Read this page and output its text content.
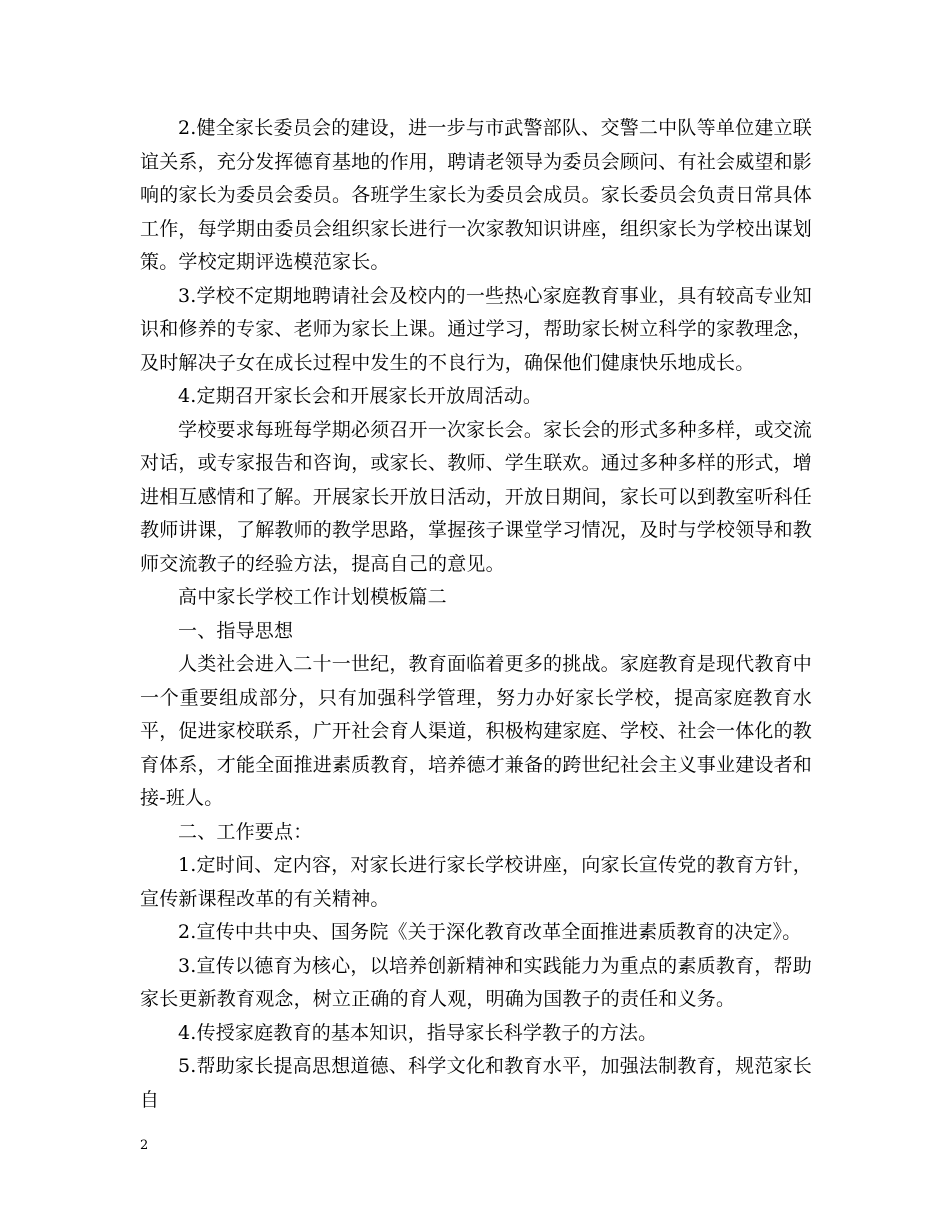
2.健全家长委员会的建设，进一步与市武警部队、交警二中队等单位建立联谊关系，充分发挥德育基地的作用，聘请老领导为委员会顾问、有社会威望和影响的家长为委员会委员。各班学生家长为委员会成员。家长委员会负责日常具体工作，每学期由委员会组织家长进行一次家教知识讲座，组织家长为学校出谋划策。学校定期评选模范家长。

3.学校不定期地聘请社会及校内的一些热心家庭教育事业，具有较高专业知识和修养的专家、老师为家长上课。通过学习，帮助家长树立科学的家教理念，及时解决子女在成长过程中发生的不良行为，确保他们健康快乐地成长。

4.定期召开家长会和开展家长开放周活动。

学校要求每班每学期必须召开一次家长会。家长会的形式多种多样，或交流对话，或专家报告和咨询，或家长、教师、学生联欢。通过多种多样的形式，增进相互感情和了解。开展家长开放日活动，开放日期间，家长可以到教室听科任教师讲课，了解教师的教学思路，掌握孩子课堂学习情况，及时与学校领导和教师交流教子的经验方法，提高自己的意见。

高中家长学校工作计划模板篇二

一、指导思想

人类社会进入二十一世纪，教育面临着更多的挑战。家庭教育是现代教育中一个重要组成部分，只有加强科学管理，努力办好家长学校，提高家庭教育水平，促进家校联系，广开社会育人渠道，积极构建家庭、学校、社会一体化的教育体系，才能全面推进素质教育，培养德才兼备的跨世纪社会主义事业建设者和接-班人。

二、工作要点：

1.定时间、定内容，对家长进行家长学校讲座，向家长宣传党的教育方针，宣传新课程改革的有关精神。

2.宣传中共中央、国务院《关于深化教育改革全面推进素质教育的决定》。

3.宣传以德育为核心，以培养创新精神和实践能力为重点的素质教育，帮助家长更新教育观念，树立正确的育人观，明确为国教子的责任和义务。

4.传授家庭教育的基本知识，指导家长科学教子的方法。

5.帮助家长提高思想道德、科学文化和教育水平，加强法制教育，规范家长自

2
